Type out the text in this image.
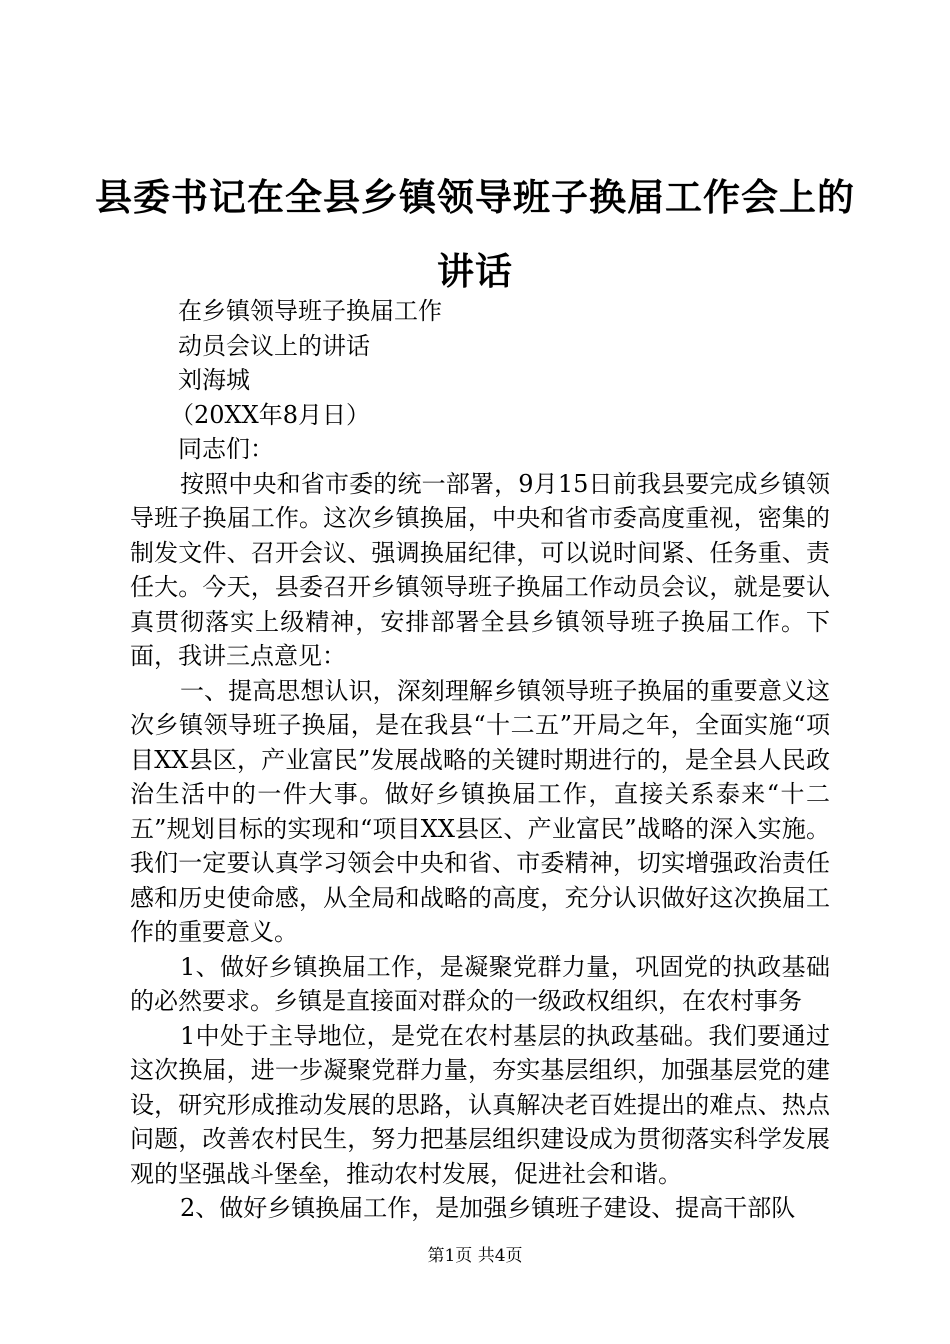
县委书记在全县乡镇领导班子换届工作会上的
讲话

在乡镇领导班子换届工作

动员会议上的讲话

刘海城

（20XX年8月日）

同志们：

按照中央和省市委的统一部署，9月15日前我县要完成乡镇领导班子换届工作。这次乡镇换届，中央和省市委高度重视，密集的制发文件、召开会议、强调换届纪律，可以说时间紧、任务重、责任大。今天，县委召开乡镇领导班子换届工作动员会议，就是要认真贯彻落实上级精神，安排部署全县乡镇领导班子换届工作。下面，我讲三点意见：

一、提高思想认识，深刻理解乡镇领导班子换届的重要意义这次乡镇领导班子换届，是在我县“十二五”开局之年，全面实施“项目XX县区，产业富民”发展战略的关键时期进行的，是全县人民政治生活中的一件大事。做好乡镇换届工作，直接关系泰来“十二五”规划目标的实现和“项目XX县区、产业富民”战略的深入实施。我们一定要认真学习领会中央和省、市委精神，切实增强政治责任感和历史使命感，从全局和战略的高度，充分认识做好这次换届工作的重要意义。

1、做好乡镇换届工作，是凝聚党群力量，巩固党的执政基础的必然要求。乡镇是直接面对群众的一级政权组织，在农村事务

1中处于主导地位，是党在农村基层的执政基础。我们要通过这次换届，进一步凝聚党群力量，夯实基层组织，加强基层党的建设，研究形成推动发展的思路，认真解决老百姓提出的难点、热点问题，改善农村民生，努力把基层组织建设成为贯彻落实科学发展观的坚强战斗堡垒，推动农村发展，促进社会和谐。

2、做好乡镇换届工作，是加强乡镇班子建设、提高干部队

第1页 共4页
